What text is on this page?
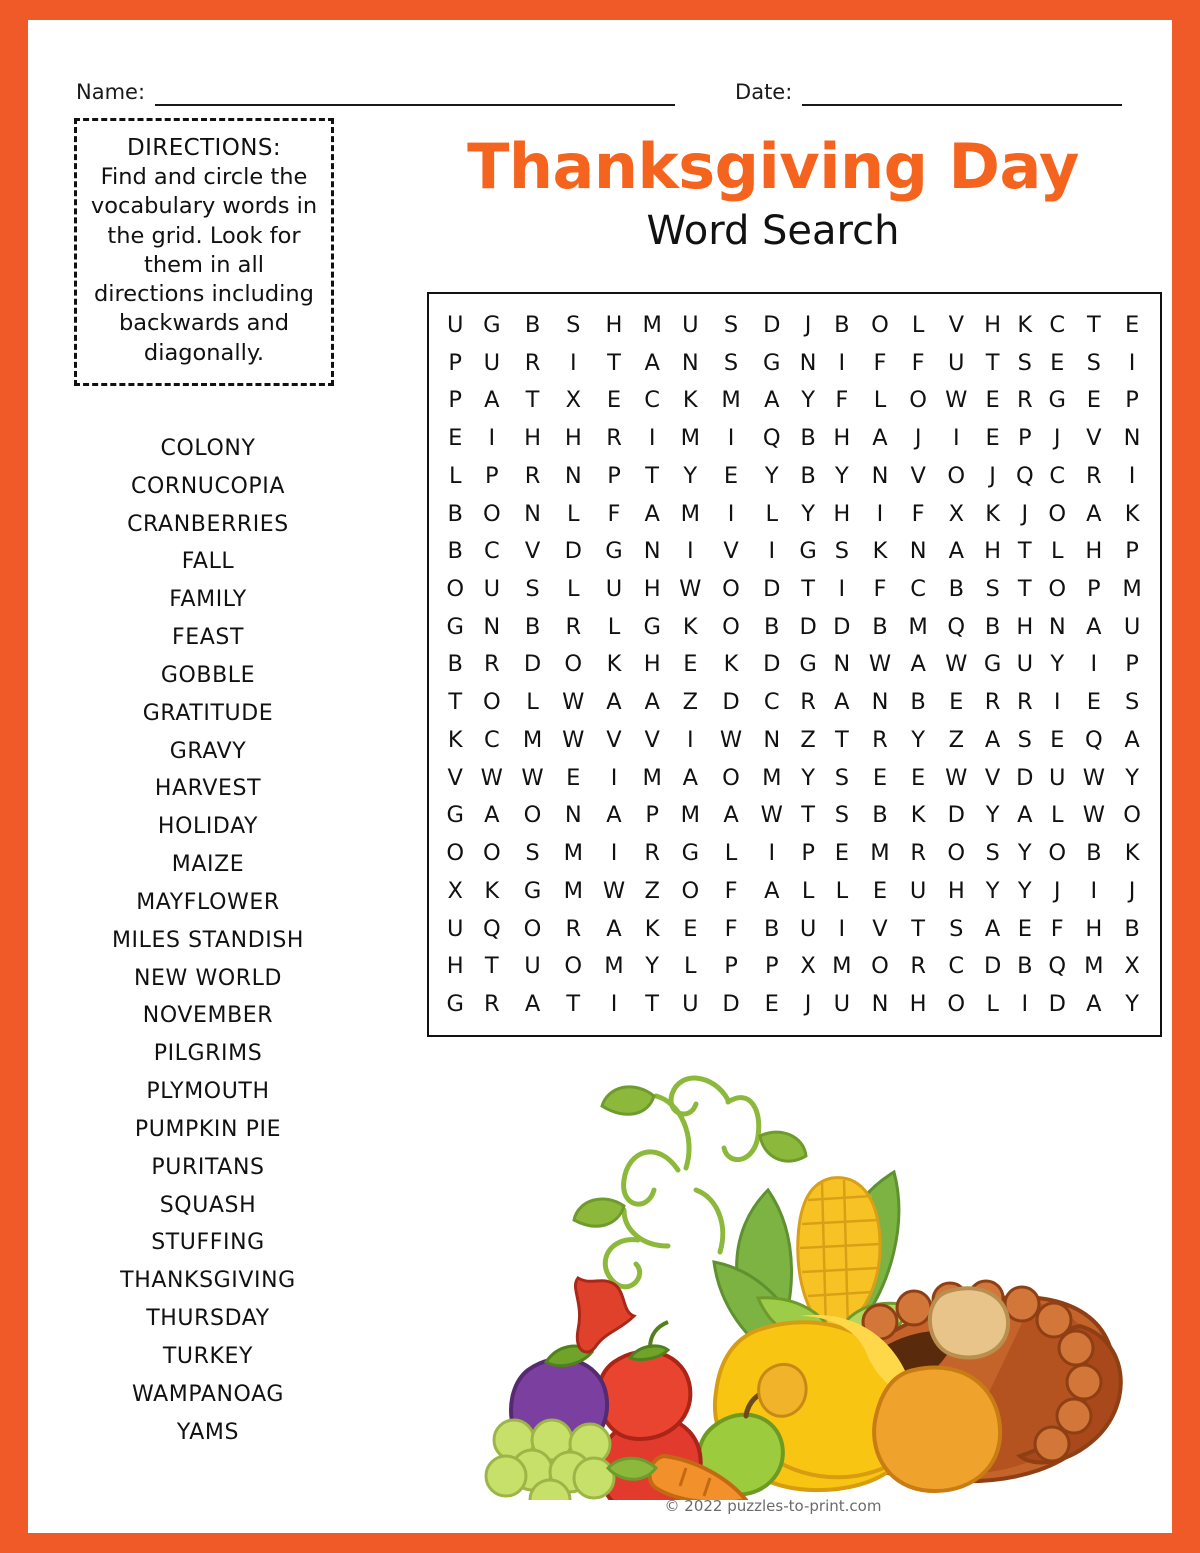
Name:	Date:
DIRECTIONS:
Find and circle the vocabulary words in the grid. Look for them in all directions including backwards and diagonally.
COLONY
CORNUCOPIA
CRANBERRIES
FALL
FAMILY
FEAST
GOBBLE
GRATITUDE
GRAVY
HARVEST
HOLIDAY
MAIZE
MAYFLOWER
MILES STANDISH
NEW WORLD
NOVEMBER
PILGRIMS
PLYMOUTH
PUMPKIN PIE
PURITANS
SQUASH
STUFFING
THANKSGIVING
THURSDAY
TURKEY
WAMPANOAG
YAMS
Thanksgiving Day
Word Search
U	G	B	S	H	M	U	S	D	J	B	O	L	V	H	K	C	T	E
P	U	R	I	T	A	N	S	G	N	I	F	F	U	T	S	E	S	I
P	A	T	X	E	C	K	M	A	Y	F	L	O	W	E	R	G	E	P
E	I	H	H	R	I	M	I	Q	B	H	A	J	I	E	P	J	V	N
L	P	R	N	P	T	Y	E	Y	B	Y	N	V	O	J	Q	C	R	I
B	O	N	L	F	A	M	I	L	Y	H	I	F	X	K	J	O	A	K
B	C	V	D	G	N	I	V	I	G	S	K	N	A	H	T	L	H	P
O	U	S	L	U	H	W	O	D	T	I	F	C	B	S	T	O	P	M
G	N	B	R	L	G	K	O	B	D	D	B	M	Q	B	H	N	A	U
B	R	D	O	K	H	E	K	D	G	N	W	A	W	G	U	Y	I	P
T	O	L	W	A	A	Z	D	C	R	A	N	B	E	R	R	I	E	S
K	C	M	W	V	V	I	W	N	Z	T	R	Y	Z	A	S	E	Q	A
V	W	W	E	I	M	A	O	M	Y	S	E	E	W	V	D	U	W	Y
G	A	O	N	A	P	M	A	W	T	S	B	K	D	Y	A	L	W	O
O	O	S	M	I	R	G	L	I	P	E	M	R	O	S	Y	O	B	K
X	K	G	M	W	Z	O	F	A	L	L	E	U	H	Y	Y	J	I	J
U	Q	O	R	A	K	E	F	B	U	I	V	T	S	A	E	F	H	B
H	T	U	O	M	Y	L	P	P	X	M	O	R	C	D	B	Q	M	X
G	R	A	T	I	T	U	D	E	J	U	N	H	O	L	I	D	A	Y
© 2022 puzzles-to-print.com
